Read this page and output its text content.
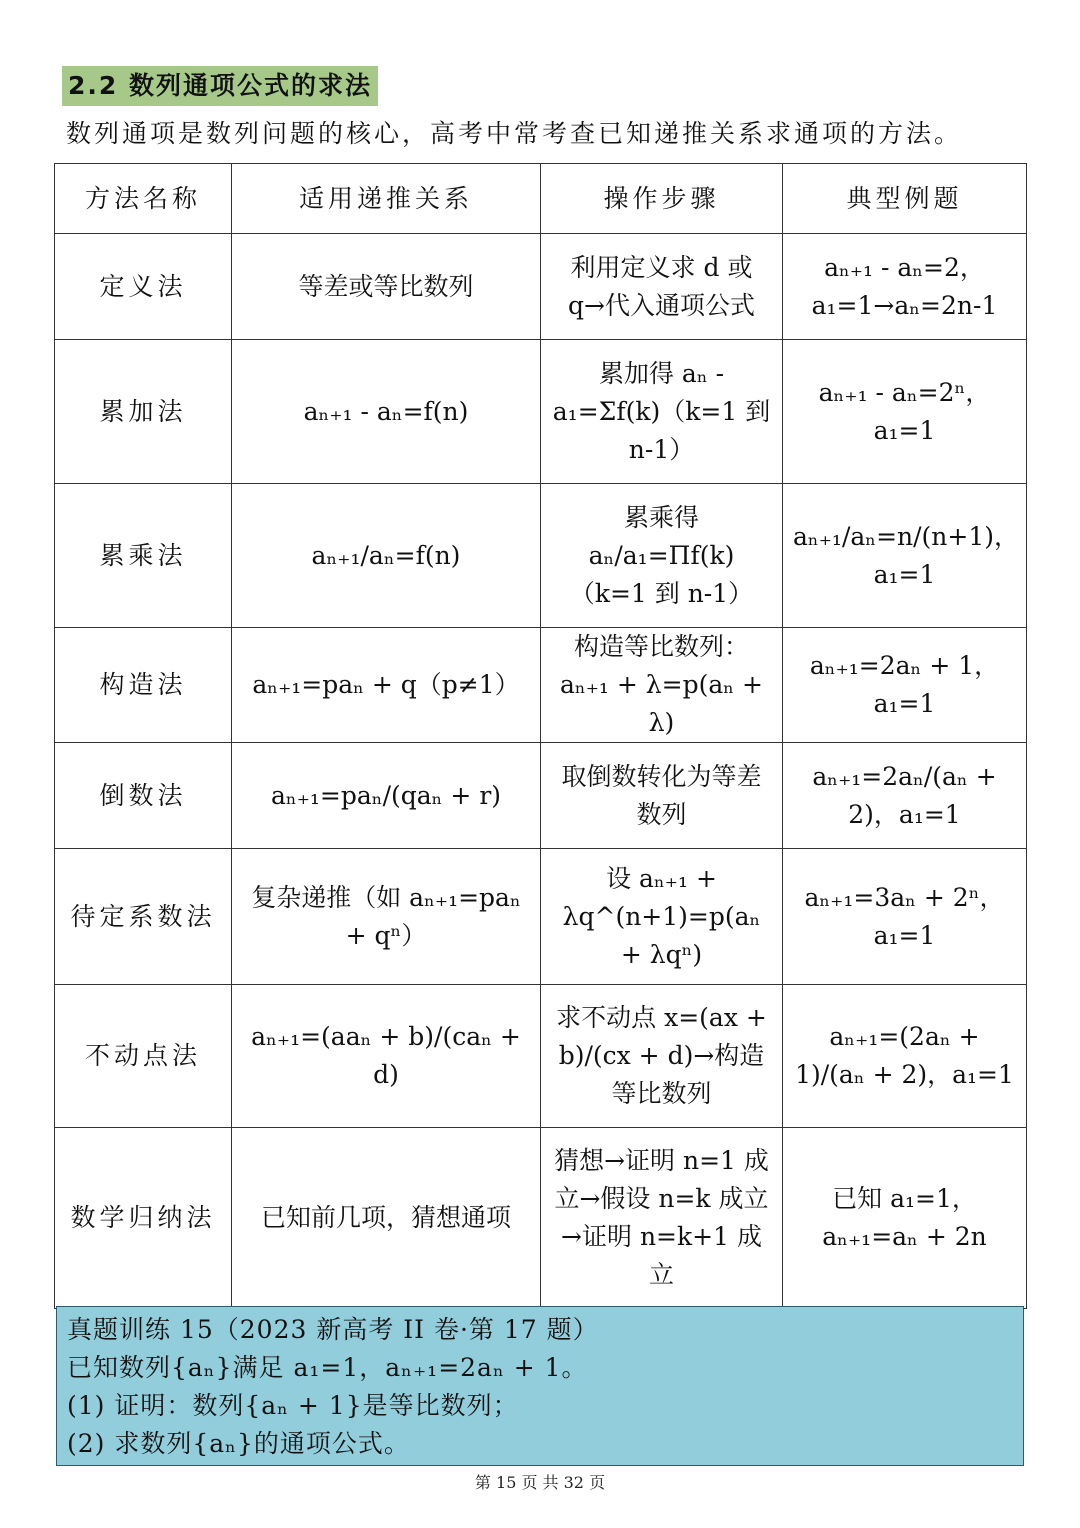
2.2 数列通项公式的求法
数列通项是数列问题的核心，高考中常考查已知递推关系求通项的方法。
方法名称	适用递推关系	操作步骤	典型例题
定义法	等差或等比数列	利用定义求 d 或 q→代入通项公式	aₙ₊₁ - aₙ=2，a₁=1→aₙ=2n-1
累加法	aₙ₊₁ - aₙ=f(n)	累加得 aₙ - a₁=Σf(k)（k=1 到 n-1）	aₙ₊₁ - aₙ=2ⁿ，a₁=1
累乘法	aₙ₊₁/aₙ=f(n)	累乘得 aₙ/a₁=Πf(k)（k=1 到 n-1）	aₙ₊₁/aₙ=n/(n+1)，a₁=1
构造法	aₙ₊₁=paₙ + q（p≠1）	构造等比数列：aₙ₊₁ + λ=p(aₙ + λ)	aₙ₊₁=2aₙ + 1，a₁=1
倒数法	aₙ₊₁=paₙ/(qaₙ + r)	取倒数转化为等差数列	aₙ₊₁=2aₙ/(aₙ + 2)，a₁=1
待定系数法	复杂递推（如 aₙ₊₁=paₙ + qⁿ）	设 aₙ₊₁ + λq^(n+1)=p(aₙ + λqⁿ)	aₙ₊₁=3aₙ + 2ⁿ，a₁=1
不动点法	aₙ₊₁=(aaₙ + b)/(caₙ + d)	求不动点 x=(ax + b)/(cx + d)→构造等比数列	aₙ₊₁=(2aₙ + 1)/(aₙ + 2)，a₁=1
数学归纳法	已知前几项，猜想通项	猜想→证明 n=1 成立→假设 n=k 成立→证明 n=k+1 成立	已知 a₁=1，aₙ₊₁=aₙ + 2n
真题训练 15（2023 新高考 II 卷·第 17 题）
已知数列{aₙ}满足 a₁=1，aₙ₊₁=2aₙ + 1。
(1) 证明：数列{aₙ + 1}是等比数列；
(2) 求数列{aₙ}的通项公式。
第 15 页 共 32 页
